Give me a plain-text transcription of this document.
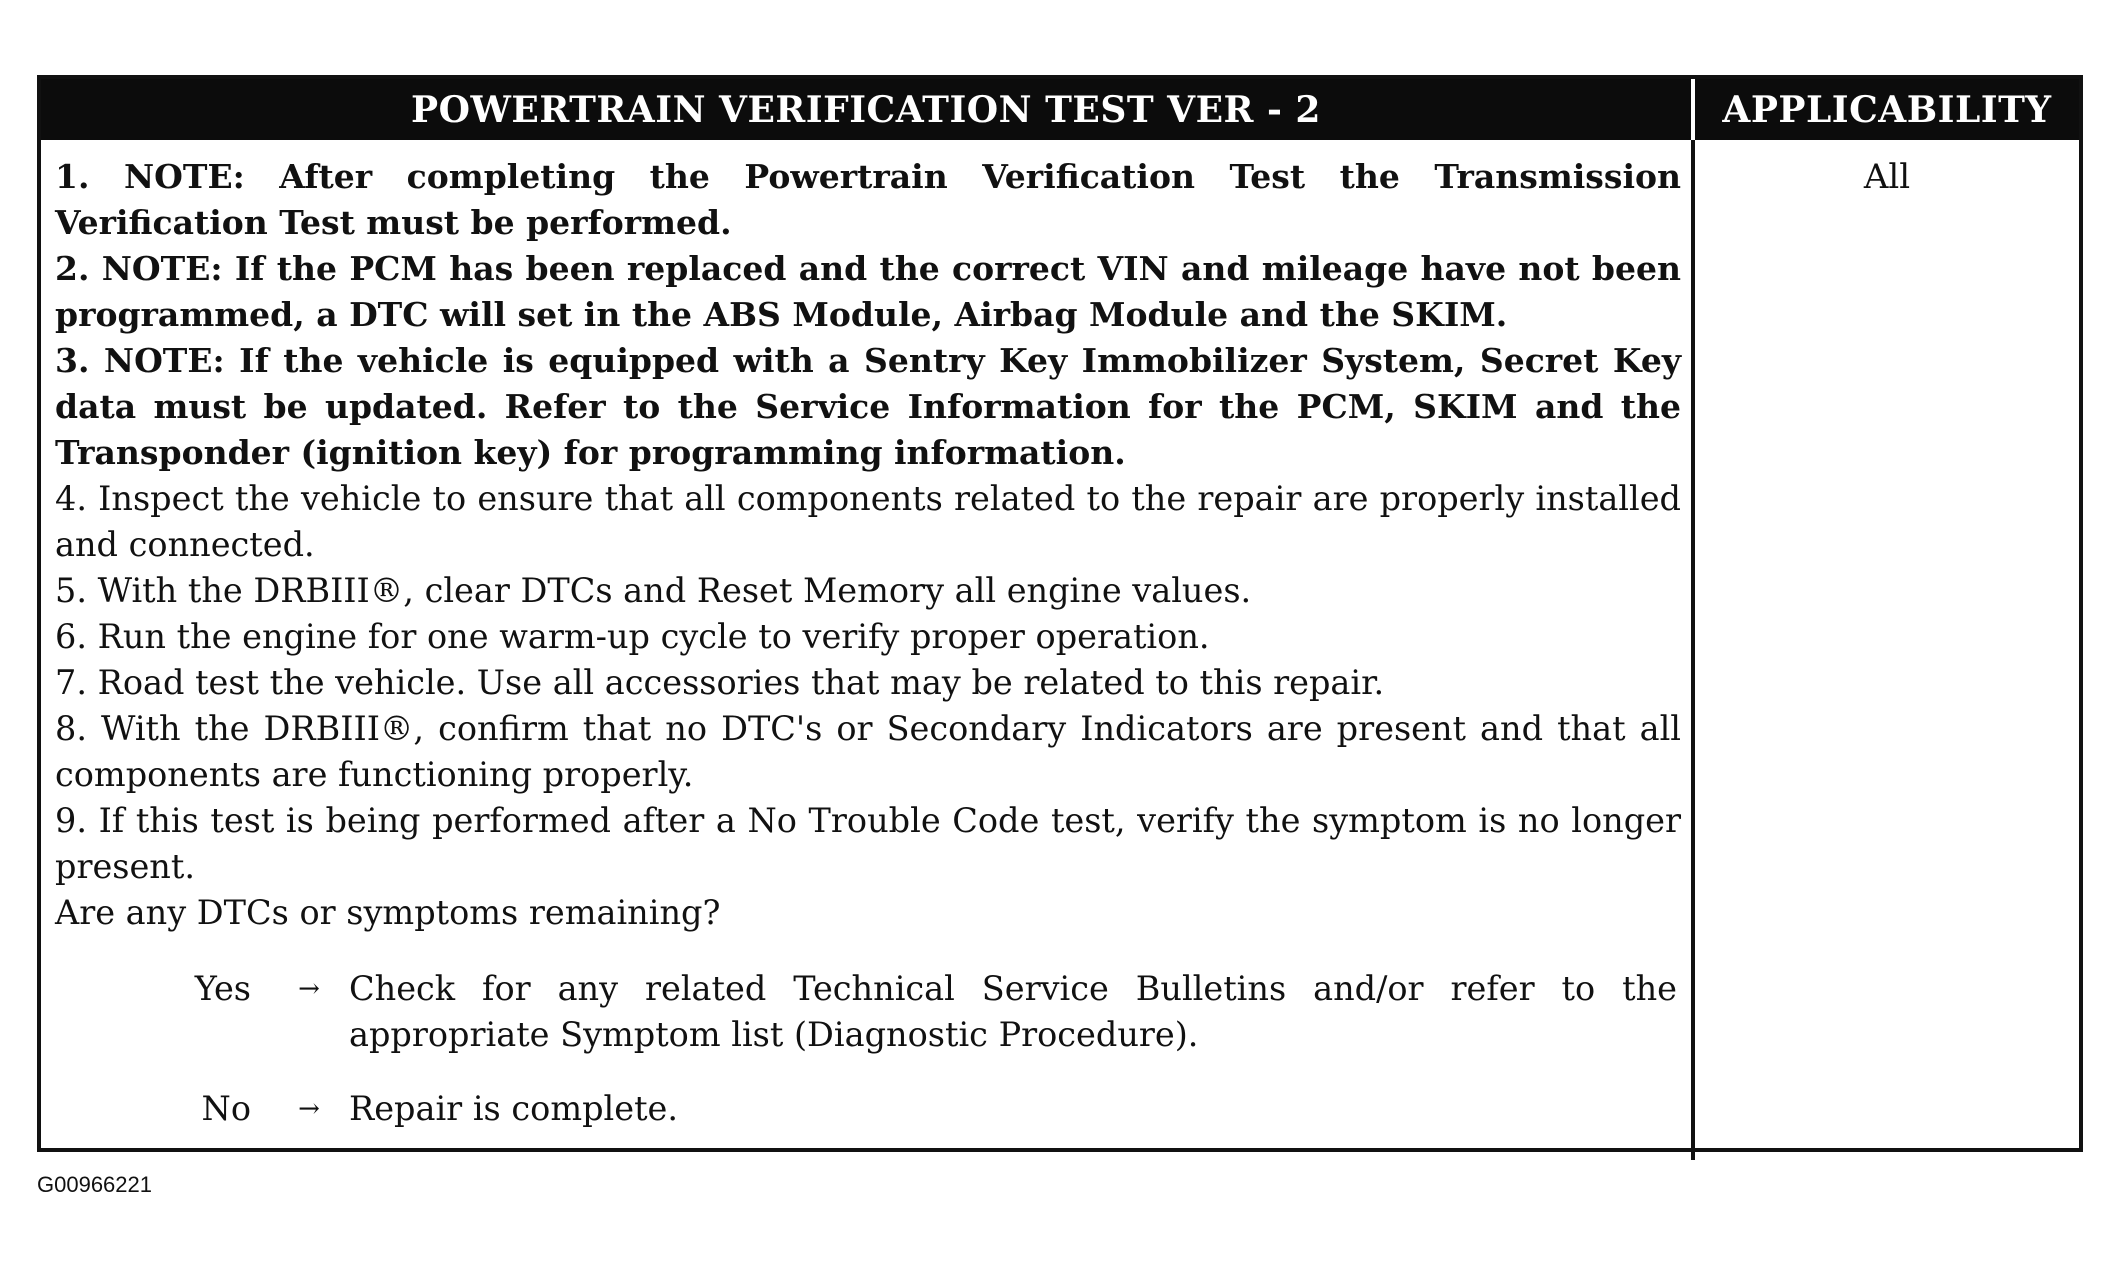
POWERTRAIN VERIFICATION TEST VER - 2	APPLICABILITY

1. NOTE: After completing the Powertrain Verification Test the Transmission Verification Test must be performed.

2. NOTE: If the PCM has been replaced and the correct VIN and mileage have not been programmed, a DTC will set in the ABS Module, Airbag Module and the SKIM.

3. NOTE: If the vehicle is equipped with a Sentry Key Immobilizer System, Secret Key data must be updated. Refer to the Service Information for the PCM, SKIM and the Transponder (ignition key) for programming information.

4. Inspect the vehicle to ensure that all components related to the repair are properly installed and connected.

5. With the DRBIII®, clear DTCs and Reset Memory all engine values.

6. Run the engine for one warm-up cycle to verify proper operation.

7. Road test the vehicle. Use all accessories that may be related to this repair.

8. With the DRBIII®, confirm that no DTC's or Secondary Indicators are present and that all components are functioning properly.

9. If this test is being performed after a No Trouble Code test, verify the symptom is no longer present.

Are any DTCs or symptoms remaining?

Yes	→ Check for any related Technical Service Bulletins and/or refer to the appropriate Symptom list (Diagnostic Procedure).
No	→ Repair is complete.
All
G00966221
